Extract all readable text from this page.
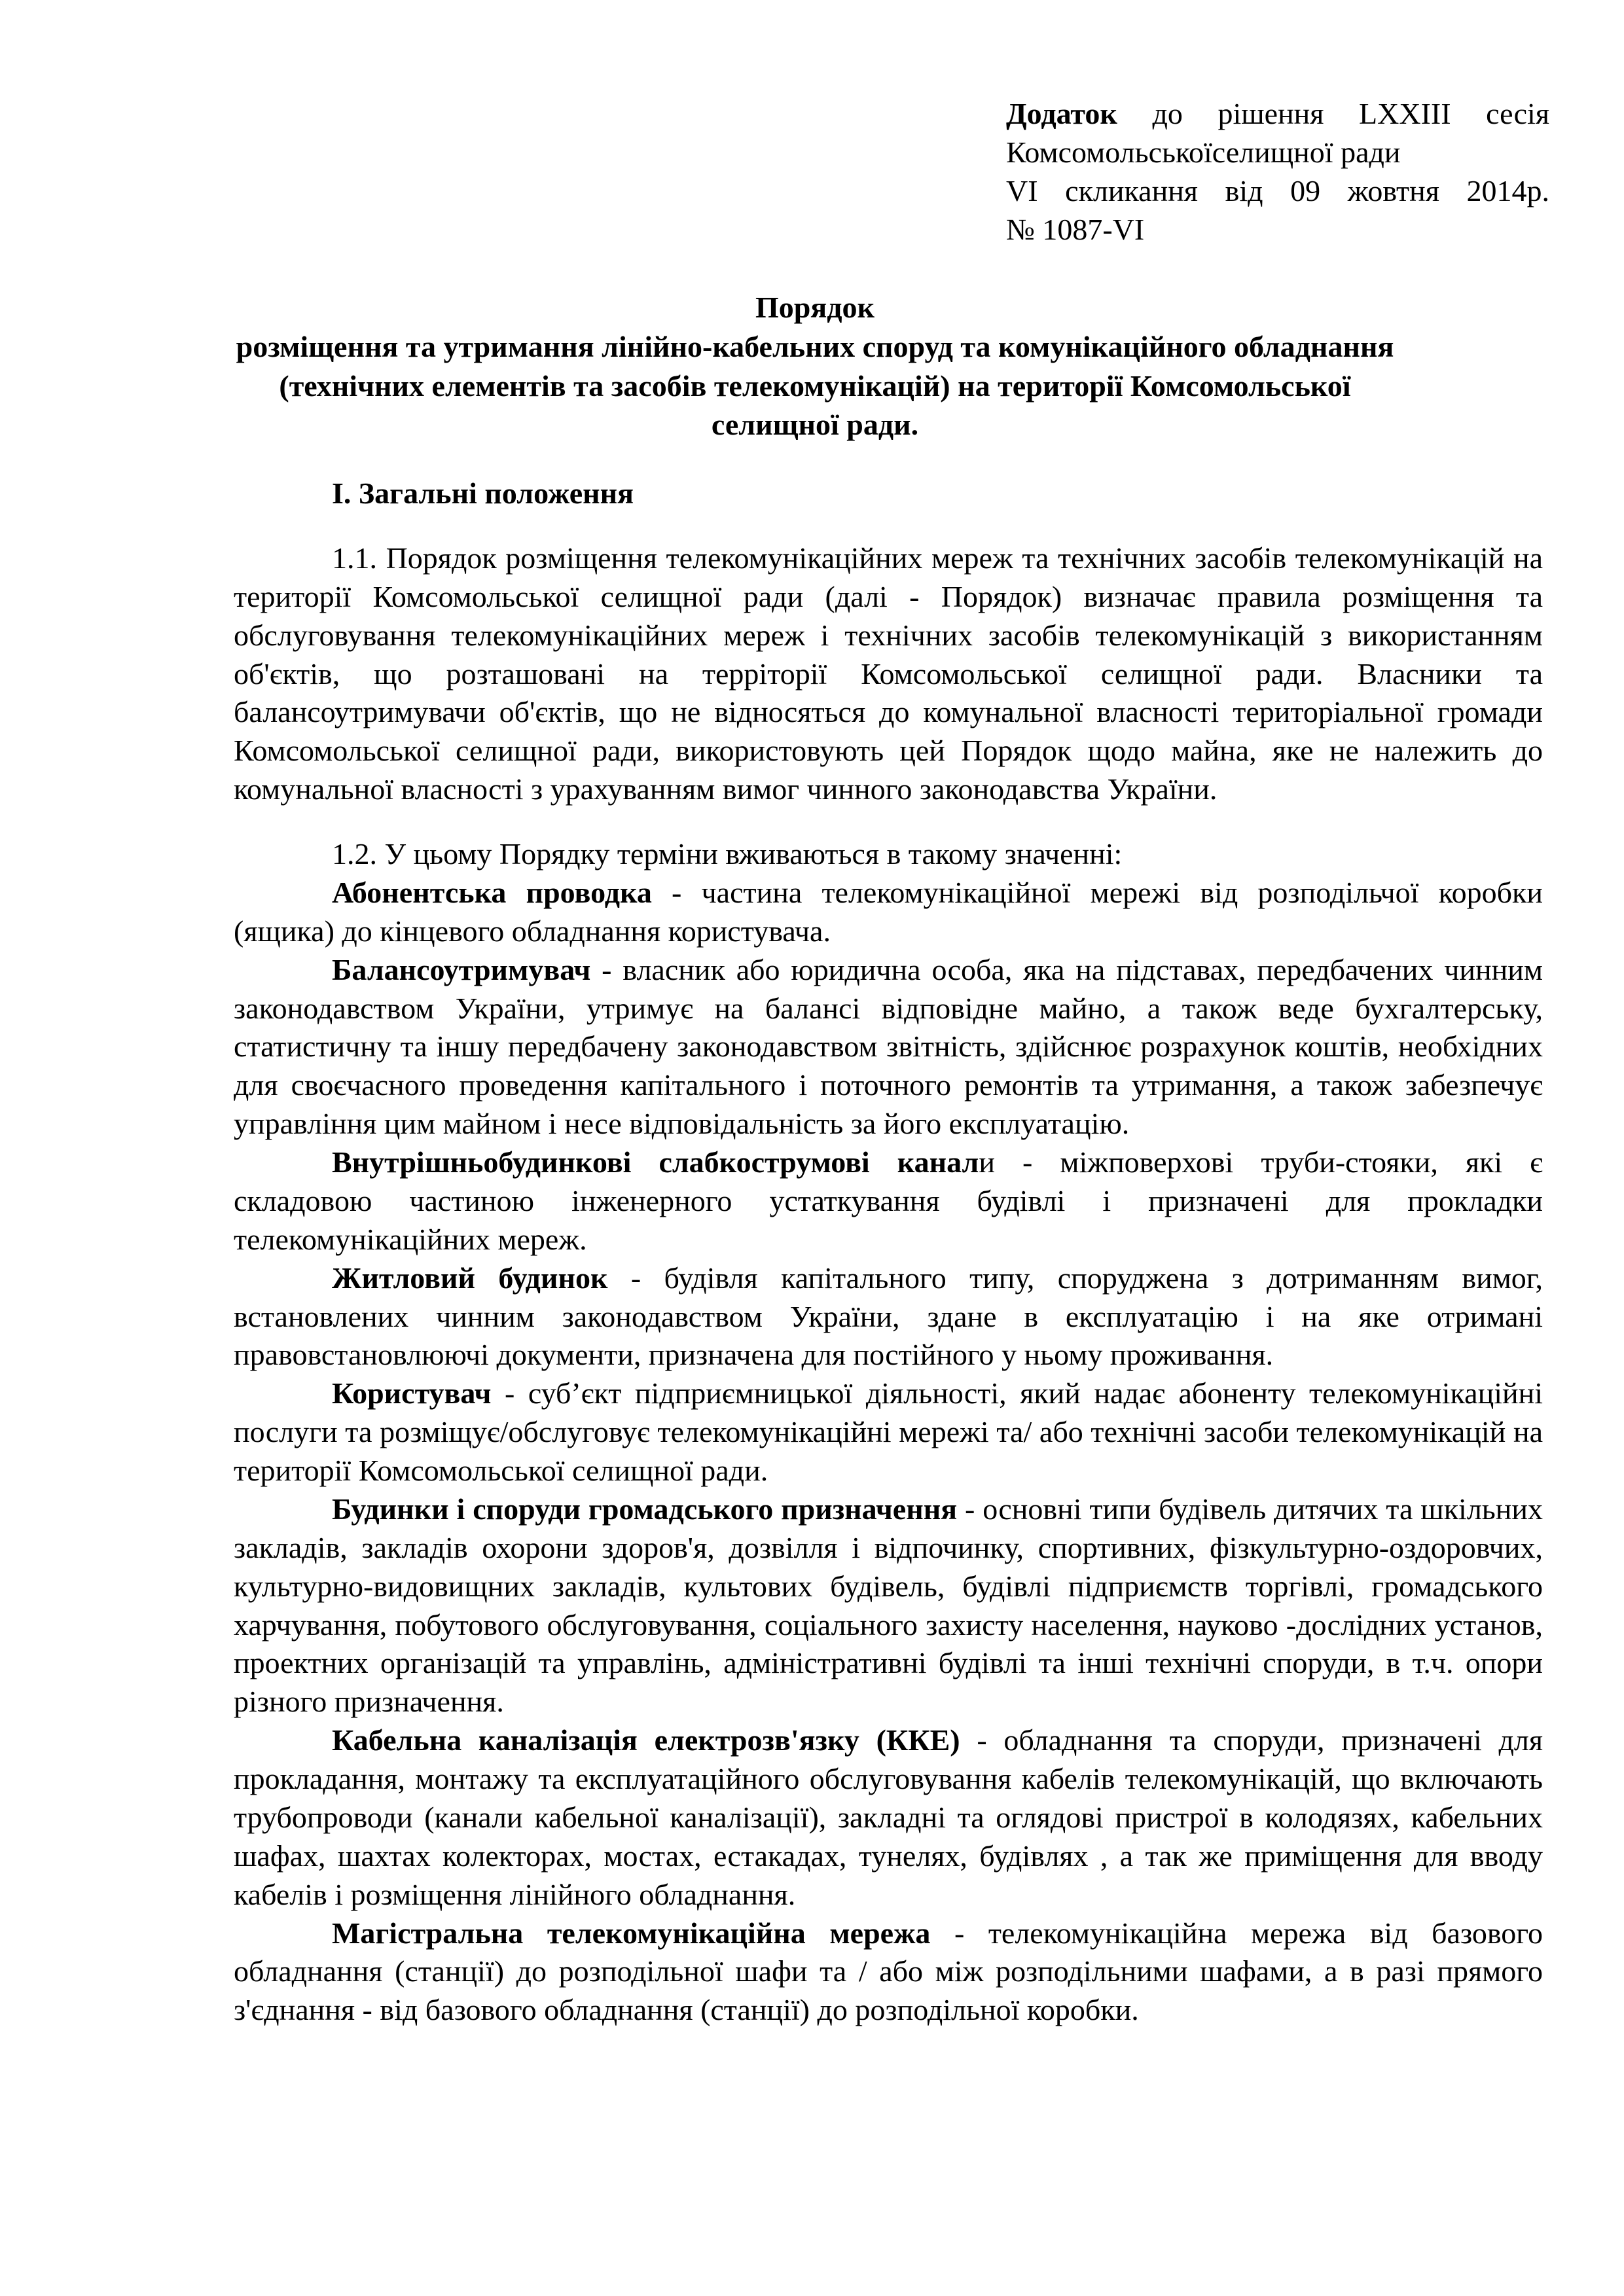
Додаток до рішення LXXIII сесія

Комсомольськоїселищної ради

VI скликання від 09 жовтня 2014р.

№ 1087-VI

Порядок

розміщення та утримання лінійно-кабельних споруд та комунікаційного обладнання

(технічних елементів та засобів телекомунікацій) на території Комсомольської

селищної ради.

І. Загальні положення

1.1. Порядок розміщення телекомунікаційних мереж та технічних засобів телекомунікацій на території Комсомольської селищної ради (далі - Порядок) визначає правила розміщення та обслуговування телекомунікаційних мереж і технічних засобів телекомунікацій з використанням об'єктів, що розташовані на терріторії Комсомольської селищної ради. Власники та балансоутримувачи об'єктів, що не відносяться до комунальної власності територіальної громади Комсомольської селищної ради, використовують цей Порядок щодо майна, яке не належить до комунальної власності з урахуванням вимог чинного законодавства України.

1.2. У цьому Порядку терміни вживаються в такому значенні:

Абонентська проводка - частина телекомунікаційної мережі від розподільчої коробки (ящика) до кінцевого обладнання користувача.

Балансоутримувач - власник або юридична особа, яка на підставах, передбачених чинним законодавством України, утримує на балансі відповідне майно, а також веде бухгалтерську, статистичну та іншу передбачену законодавством звітність, здійснює розрахунок коштів, необхідних для своєчасного проведення капітального і поточного ремонтів та утримання, а також забезпечує управління цим майном і несе відповідальність за його експлуатацію.

Внутрішньобудинкові слабкострумові канали - міжповерхові труби-стояки, які є складовою частиною інженерного устаткування будівлі і призначені для прокладки телекомунікаційних мереж.

Житловий будинок - будівля капітального типу, споруджена з дотриманням вимог, встановлених чинним законодавством України, здане в експлуатацію і на яке отримані правовстановлюючі документи, призначена для постійного у ньому проживання.

Користувач - суб’єкт підприємницької діяльності, який надає абоненту телекомунікаційні послуги та розміщує/обслуговує телекомунікаційні мережі та/ або технічні засоби телекомунікацій на території Комсомольської селищної ради.

Будинки і споруди громадського призначення - основні типи будівель дитячих та шкільних закладів, закладів охорони здоров'я, дозвілля і відпочинку, спортивних, фізкультурно-оздоровчих, культурно-видовищних закладів, культових будівель, будівлі підприємств торгівлі, громадського харчування, побутового обслуговування, соціального захисту населення, науково -дослідних установ, проектних організацій та управлінь, адміністративні будівлі та інші технічні споруди, в т.ч. опори різного призначення.

Кабельна каналізація електрозв'язку (ККЕ) - обладнання та споруди, призначені для прокладання, монтажу та експлуатаційного обслуговування кабелів телекомунікацій, що включають трубопроводи (канали кабельної каналізації), закладні та оглядові пристрої в колодязях, кабельних шафах, шахтах колекторах, мостах, естакадах, тунелях, будівлях , а так же приміщення для вводу кабелів і розміщення лінійного обладнання.

Магістральна телекомунікаційна мережа - телекомунікаційна мережа від базового обладнання (станції) до розподільної шафи та / або між розподільними шафами, а в разі прямого з'єднання - від базового обладнання (станції) до розподільної коробки.
